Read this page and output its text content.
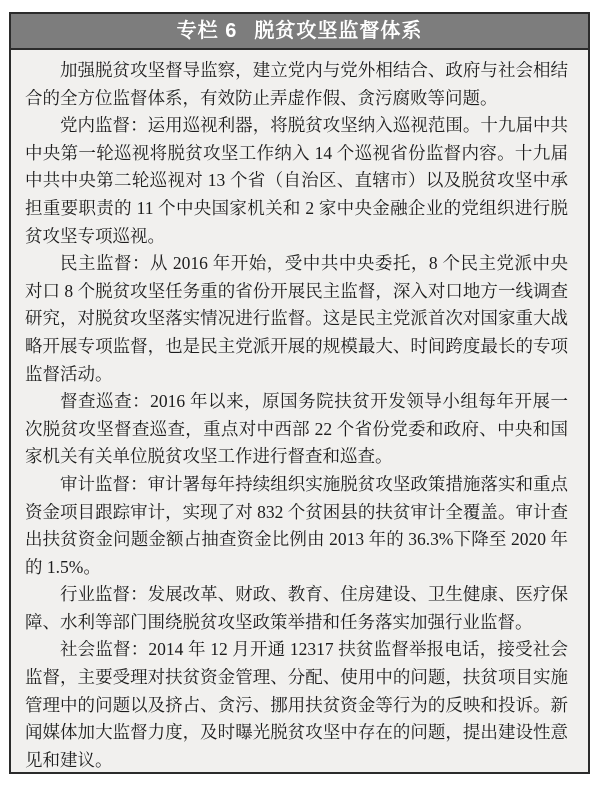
专栏 6 脱贫攻坚监督体系

加强脱贫攻坚督导监察，建立党内与党外相结合、政府与社会相结合的全方位监督体系，有效防止弄虚作假、贪污腐败等问题。

党内监督：运用巡视利器，将脱贫攻坚纳入巡视范围。十九届中共中央第一轮巡视将脱贫攻坚工作纳入 14 个巡视省份监督内容。十九届中共中央第二轮巡视对 13 个省（自治区、直辖市）以及脱贫攻坚中承担重要职责的 11 个中央国家机关和 2 家中央金融企业的党组织进行脱贫攻坚专项巡视。

民主监督：从 2016 年开始，受中共中央委托，8 个民主党派中央对口 8 个脱贫攻坚任务重的省份开展民主监督，深入对口地方一线调查研究，对脱贫攻坚落实情况进行监督。这是民主党派首次对国家重大战略开展专项监督，也是民主党派开展的规模最大、时间跨度最长的专项监督活动。

督查巡查：2016 年以来，原国务院扶贫开发领导小组每年开展一次脱贫攻坚督查巡查，重点对中西部 22 个省份党委和政府、中央和国家机关有关单位脱贫攻坚工作进行督查和巡查。

审计监督：审计署每年持续组织实施脱贫攻坚政策措施落实和重点资金项目跟踪审计，实现了对 832 个贫困县的扶贫审计全覆盖。审计查出扶贫资金问题金额占抽查资金比例由 2013 年的 36.3%下降至 2020 年的 1.5%。

行业监督：发展改革、财政、教育、住房建设、卫生健康、医疗保障、水利等部门围绕脱贫攻坚政策举措和任务落实加强行业监督。

社会监督：2014 年 12 月开通 12317 扶贫监督举报电话，接受社会监督，主要受理对扶贫资金管理、分配、使用中的问题，扶贫项目实施管理中的问题以及挤占、贪污、挪用扶贫资金等行为的反映和投诉。新闻媒体加大监督力度，及时曝光脱贫攻坚中存在的问题，提出建设性意见和建议。
